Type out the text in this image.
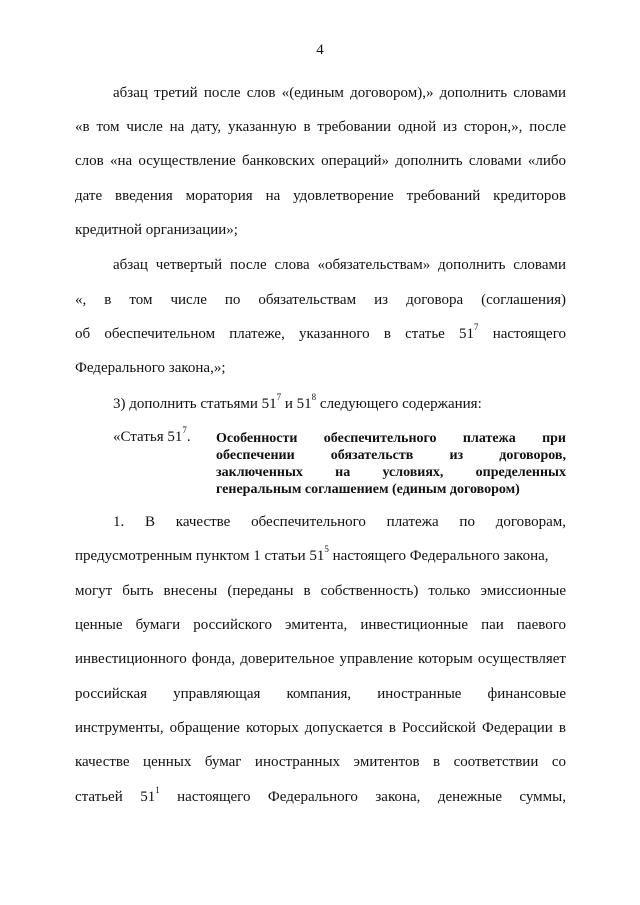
4
абзац третий после слов «(единым договором),» дополнить словами
«в том числе на дату, указанную в требовании одной из сторон,», после
слов «на осуществление банковских операций» дополнить словами «либо
дате введения моратория на удовлетворение требований кредиторов
кредитной организации»;
абзац четвертый после слова «обязательствам» дополнить словами
«, в том числе по обязательствам из договора (соглашения)
об обеспечительном платеже, указанного в статье $51^7$ настоящего
Федерального закона,»;
3) дополнить статьями $51^7$ и $51^8$ следующего содержания:
«Статья $51^7$. Особенности обеспечительного платежа при
обеспечении обязательств из договоров,
заключенных на условиях, определенных
генеральным соглашением (единым договором)
1. В качестве обеспечительного платежа по договорам,
предусмотренным пунктом 1 статьи $51^5$ настоящего Федерального закона,
могут быть внесены (переданы в собственность) только эмиссионные
ценные бумаги российского эмитента, инвестиционные паи паевого
инвестиционного фонда, доверительное управление которым осуществляет
российская управляющая компания, иностранные финансовые
инструменты, обращение которых допускается в Российской Федерации в
качестве ценных бумаг иностранных эмитентов в соответствии со
статьей $51^1$ настоящего Федерального закона, денежные суммы,
